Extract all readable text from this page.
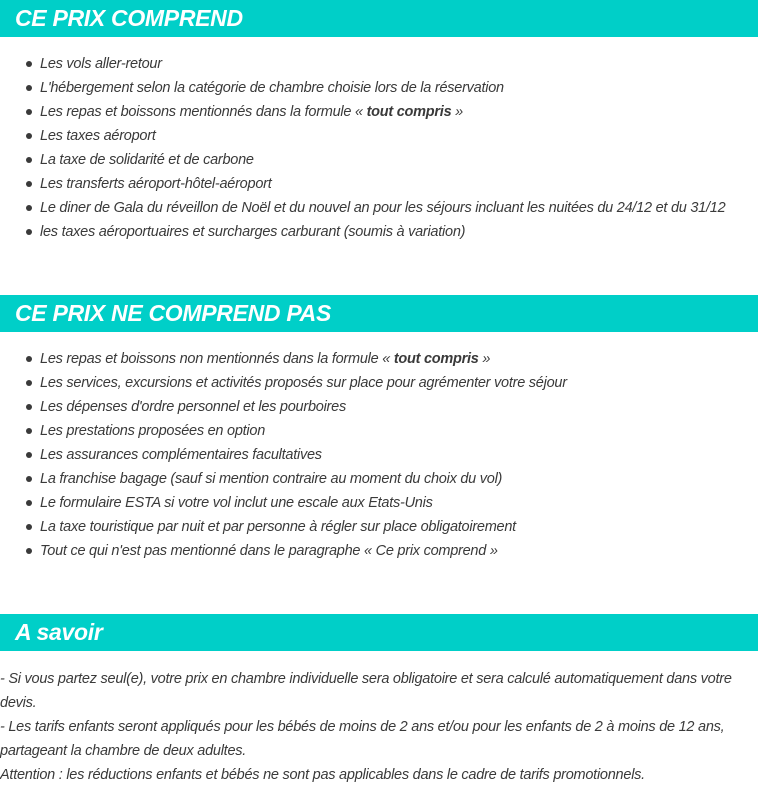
CE PRIX COMPREND
Les vols aller-retour
L'hébergement selon la catégorie de chambre choisie lors de la réservation
Les repas et boissons mentionnés dans la formule « tout compris »
Les taxes aéroport
La taxe de solidarité et de carbone
Les transferts aéroport-hôtel-aéroport
Le diner de Gala du réveillon de Noël et du nouvel an pour les séjours incluant les nuitées du 24/12 et du 31/12
les taxes aéroportuaires et surcharges carburant (soumis à variation)
CE PRIX NE COMPREND PAS
Les repas et boissons non mentionnés dans la formule « tout compris »
Les services, excursions et activités proposés sur place pour agrémenter votre séjour
Les dépenses d'ordre personnel et les pourboires
Les prestations proposées en option
Les assurances complémentaires facultatives
La franchise bagage (sauf si mention contraire au moment du choix du vol)
Le formulaire ESTA si votre vol inclut une escale aux Etats-Unis
La taxe touristique par nuit et par personne à régler sur place obligatoirement
Tout ce qui n'est pas mentionné dans le paragraphe « Ce prix comprend »
A savoir

- Si vous partez seul(e), votre prix en chambre individuelle sera obligatoire et sera calculé automatiquement dans votre devis.

- Les tarifs enfants seront appliqués pour les bébés de moins de 2 ans et/ou pour les enfants de 2 à moins de 12 ans, partageant la chambre de deux adultes.

Attention : les réductions enfants et bébés ne sont pas applicables dans le cadre de tarifs promotionnels.
